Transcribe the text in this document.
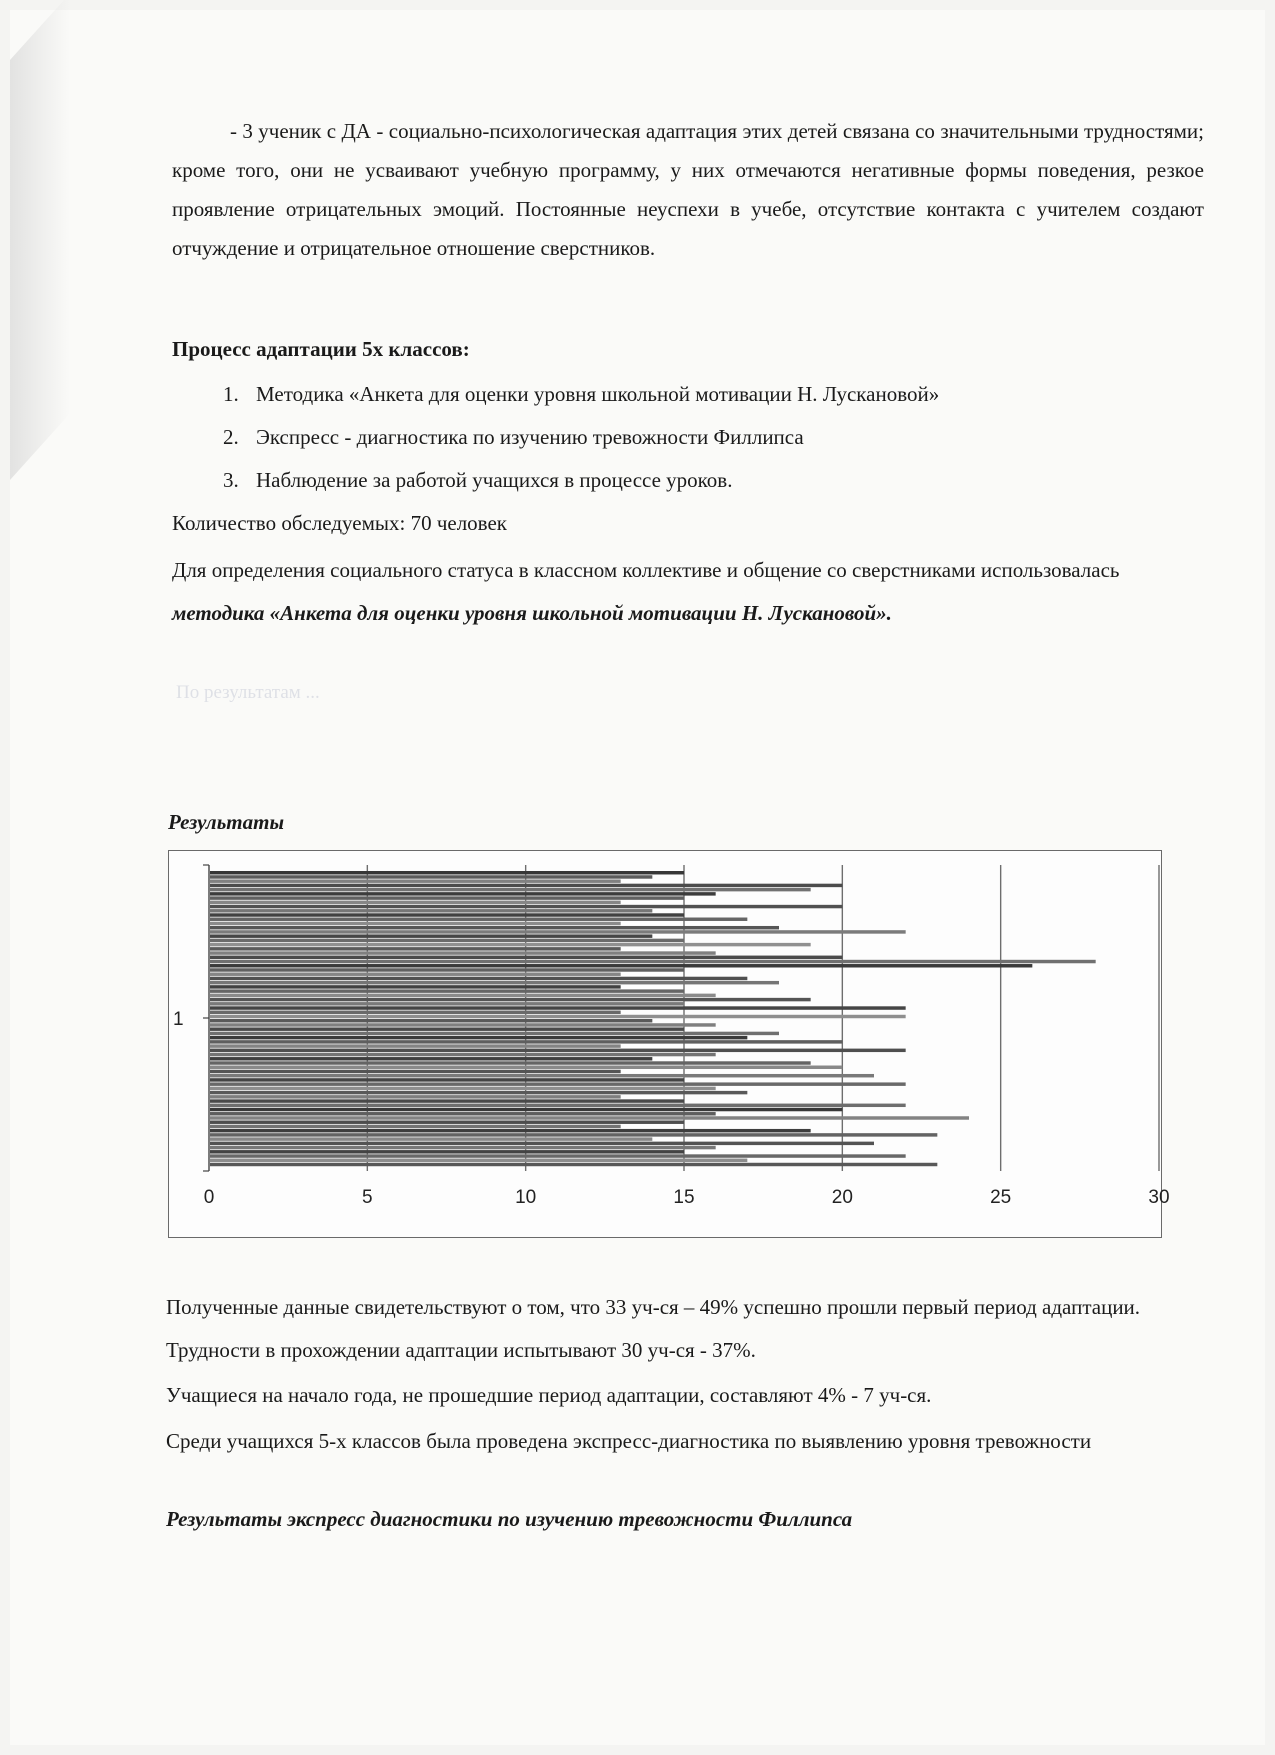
По результатам ...
- 3 ученик с ДА - социально-психологическая адаптация этих детей связана со значительными трудностями; кроме того, они не усваивают учебную программу, у них отмечаются негативные формы поведения, резкое проявление отрицательных эмоций. Постоянные неуспехи в учебе, отсутствие контакта с учителем создают отчуждение и отрицательное отношение сверстников.
Процесс адаптации 5х классов:
1. Методика «Анкета для оценки уровня школьной мотивации Н. Лускановой»
2. Экспресс - диагностика по изучению тревожности Филлипса
3. Наблюдение за работой учащихся в процессе уроков.
Количество обследуемых: 70 человек
Для определения социального статуса в классном коллективе и общение со сверстниками использовалась методика «Анкета для оценки уровня школьной мотивации Н. Лускановой».
Результаты
0	5	10	15	20	25	30
1
Полученные данные свидетельствуют о том, что 33 уч-ся – 49% успешно прошли первый период адаптации. Трудности в прохождении адаптации испытывают 30 уч-ся - 37%.
Учащиеся на начало года, не прошедшие период адаптации, составляют 4% - 7 уч-ся.
Среди учащихся 5-х классов была проведена экспресс-диагностика по выявлению уровня тревожности
Результаты экспресс диагностики по изучению тревожности Филлипса
